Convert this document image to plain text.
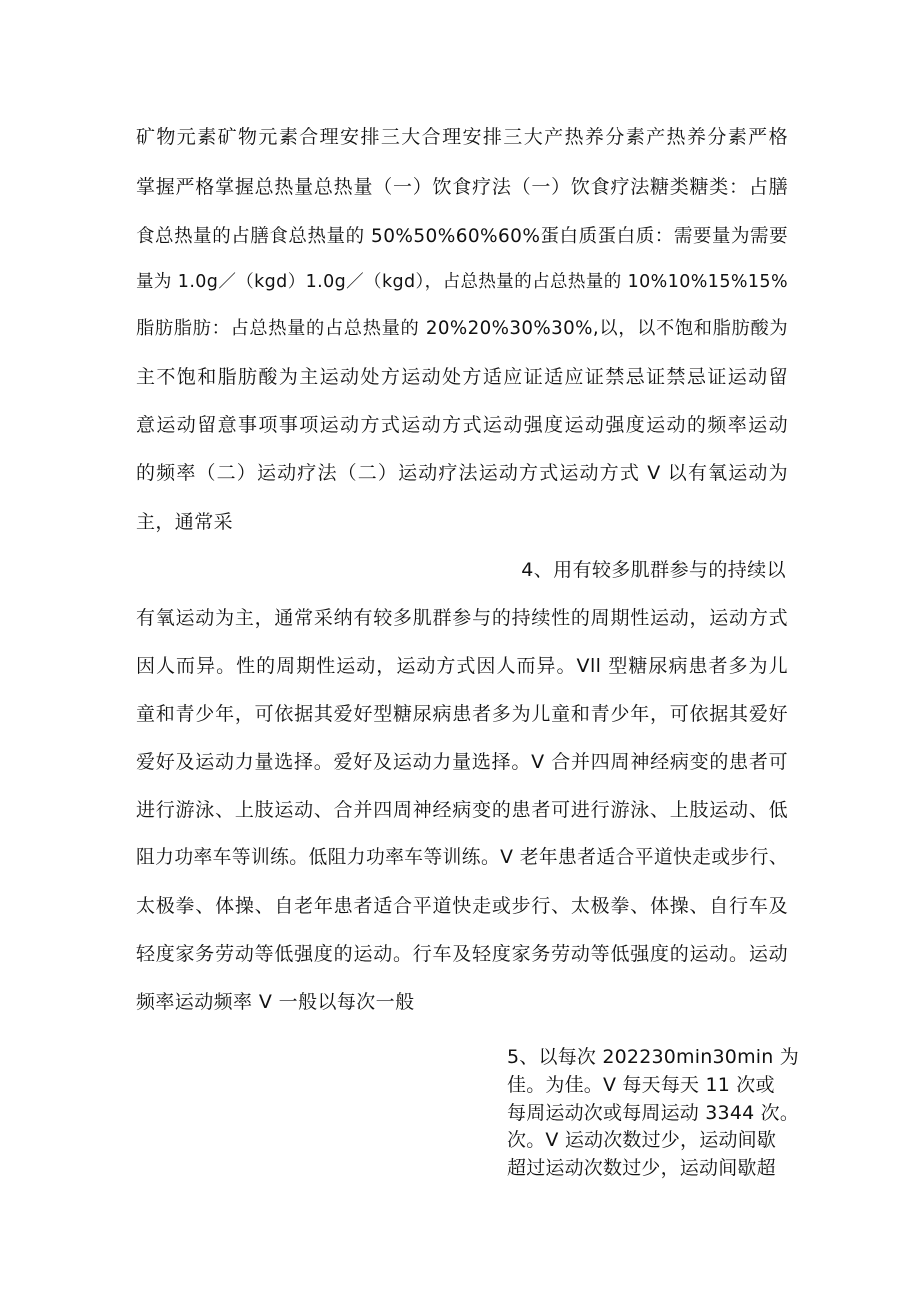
矿物元素矿物元素合理安排三大合理安排三大产热养分素产热养分素严格
掌握严格掌握总热量总热量（一）饮食疗法（一）饮食疗法糖类糖类：占膳
食总热量的占膳食总热量的 50%50%60%60%蛋白质蛋白质：需要量为需要
量为 1.0g／（kgd）1.0g／（kgd），占总热量的占总热量的 10%10%15%15%
脂肪脂肪：占总热量的占总热量的 20%20%30%30%,以，以不饱和脂肪酸为
主不饱和脂肪酸为主运动处方运动处方适应证适应证禁忌证禁忌证运动留
意运动留意事项事项运动方式运动方式运动强度运动强度运动的频率运动
的频率（二）运动疗法（二）运动疗法运动方式运动方式 V 以有氧运动为
主，通常采
4、用有较多肌群参与的持续以
有氧运动为主，通常采纳有较多肌群参与的持续性的周期性运动，运动方式
因人而异。性的周期性运动，运动方式因人而异。Vll 型糖尿病患者多为儿
童和青少年，可依据其爱好型糖尿病患者多为儿童和青少年，可依据其爱好
爱好及运动力量选择。爱好及运动力量选择。V 合并四周神经病变的患者可
进行游泳、上肢运动、合并四周神经病变的患者可进行游泳、上肢运动、低
阻力功率车等训练。低阻力功率车等训练。V 老年患者适合平道快走或步行、
太极拳、体操、自老年患者适合平道快走或步行、太极拳、体操、自行车及
轻度家务劳动等低强度的运动。行车及轻度家务劳动等低强度的运动。运动
频率运动频率 V 一般以每次一般
5、以每次 202230min30min 为
佳。为佳。V 每天每天 11 次或
每周运动次或每周运动 3344 次。
次。V 运动次数过少，运动间歇
超过运动次数过少，运动间歇超
